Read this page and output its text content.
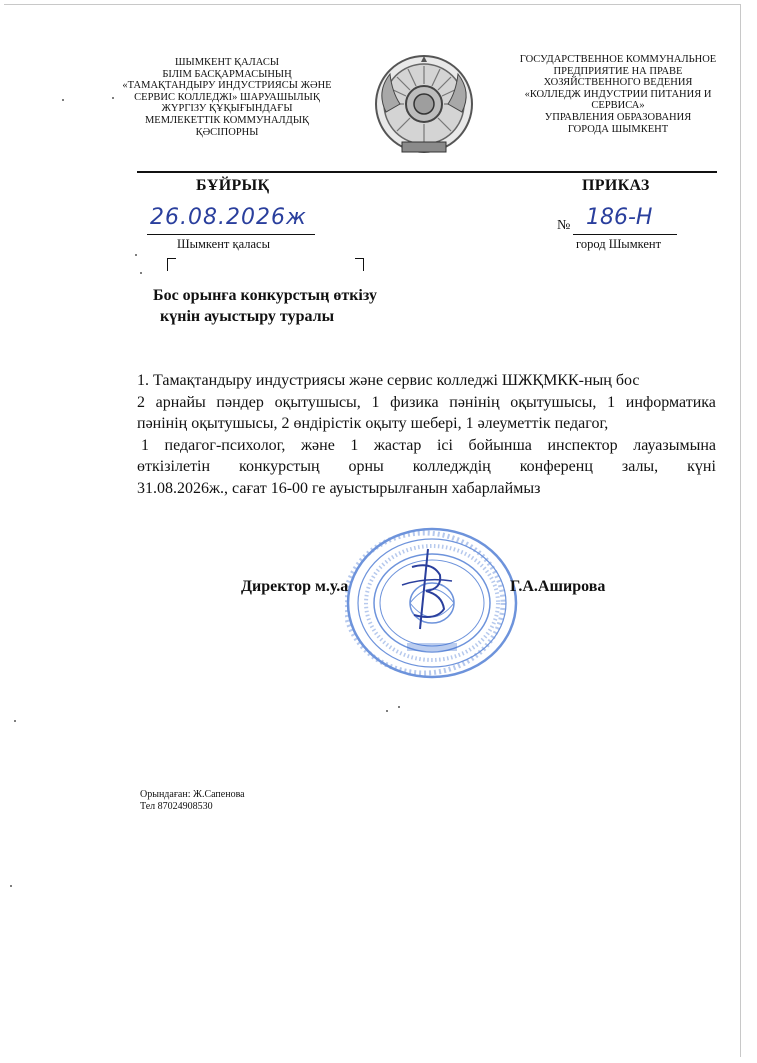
ШЫМКЕНТ ҚАЛАСЫ
БІЛІМ БАСҚАРМАСЫНЫҢ
«ТАМАҚТАНДЫРУ ИНДУСТРИЯСЫ ЖӘНЕ
СЕРВИС КОЛЛЕДЖІ» ШАРУАШЫЛЫҚ
ЖҮРГІЗУ ҚҰҚЫҒЫНДАҒЫ
МЕМЛЕКЕТТІК КОММУНАЛДЫҚ
ҚӘСІПОРНЫ
ГОСУДАРСТВЕННОЕ КОММУНАЛЬНОЕ
ПРЕДПРИЯТИЕ НА ПРАВЕ
ХОЗЯЙСТВЕННОГО ВЕДЕНИЯ
«КОЛЛЕДЖ ИНДУСТРИИ ПИТАНИЯ И
СЕРВИСА»
УПРАВЛЕНИЯ ОБРАЗОВАНИЯ
ГОРОДА ШЫМКЕНТ
БҰЙРЫҚ	ПРИКАЗ
26.08.2026ж	№ 186-Н
Шымкент қаласы	город Шымкент
Бос орынға конкурстың өткізу
күнін ауыстыру туралы
1. Тамақтандыру индустриясы және сервис колледжі ШЖҚМКК-ның бос
2 арнайы пәндер оқытушысы, 1 физика пәнінің оқытушысы, 1 информатика
пәнінің оқытушысы, 2 өндірістік оқыту шебері, 1 әлеуметтік педагог,
1 педагог-психолог, және 1 жастар ісі бойынша инспектор лауазымына
өткізілетін конкурстың орны колледждің конференц залы, күні
31.08.2026ж., сағат 16-00 ге ауыстырылғанын хабарлаймыз
Директор м.у.а	Г.А.Аширова
Орындаған: Ж.Сапенова
Тел 87024908530
